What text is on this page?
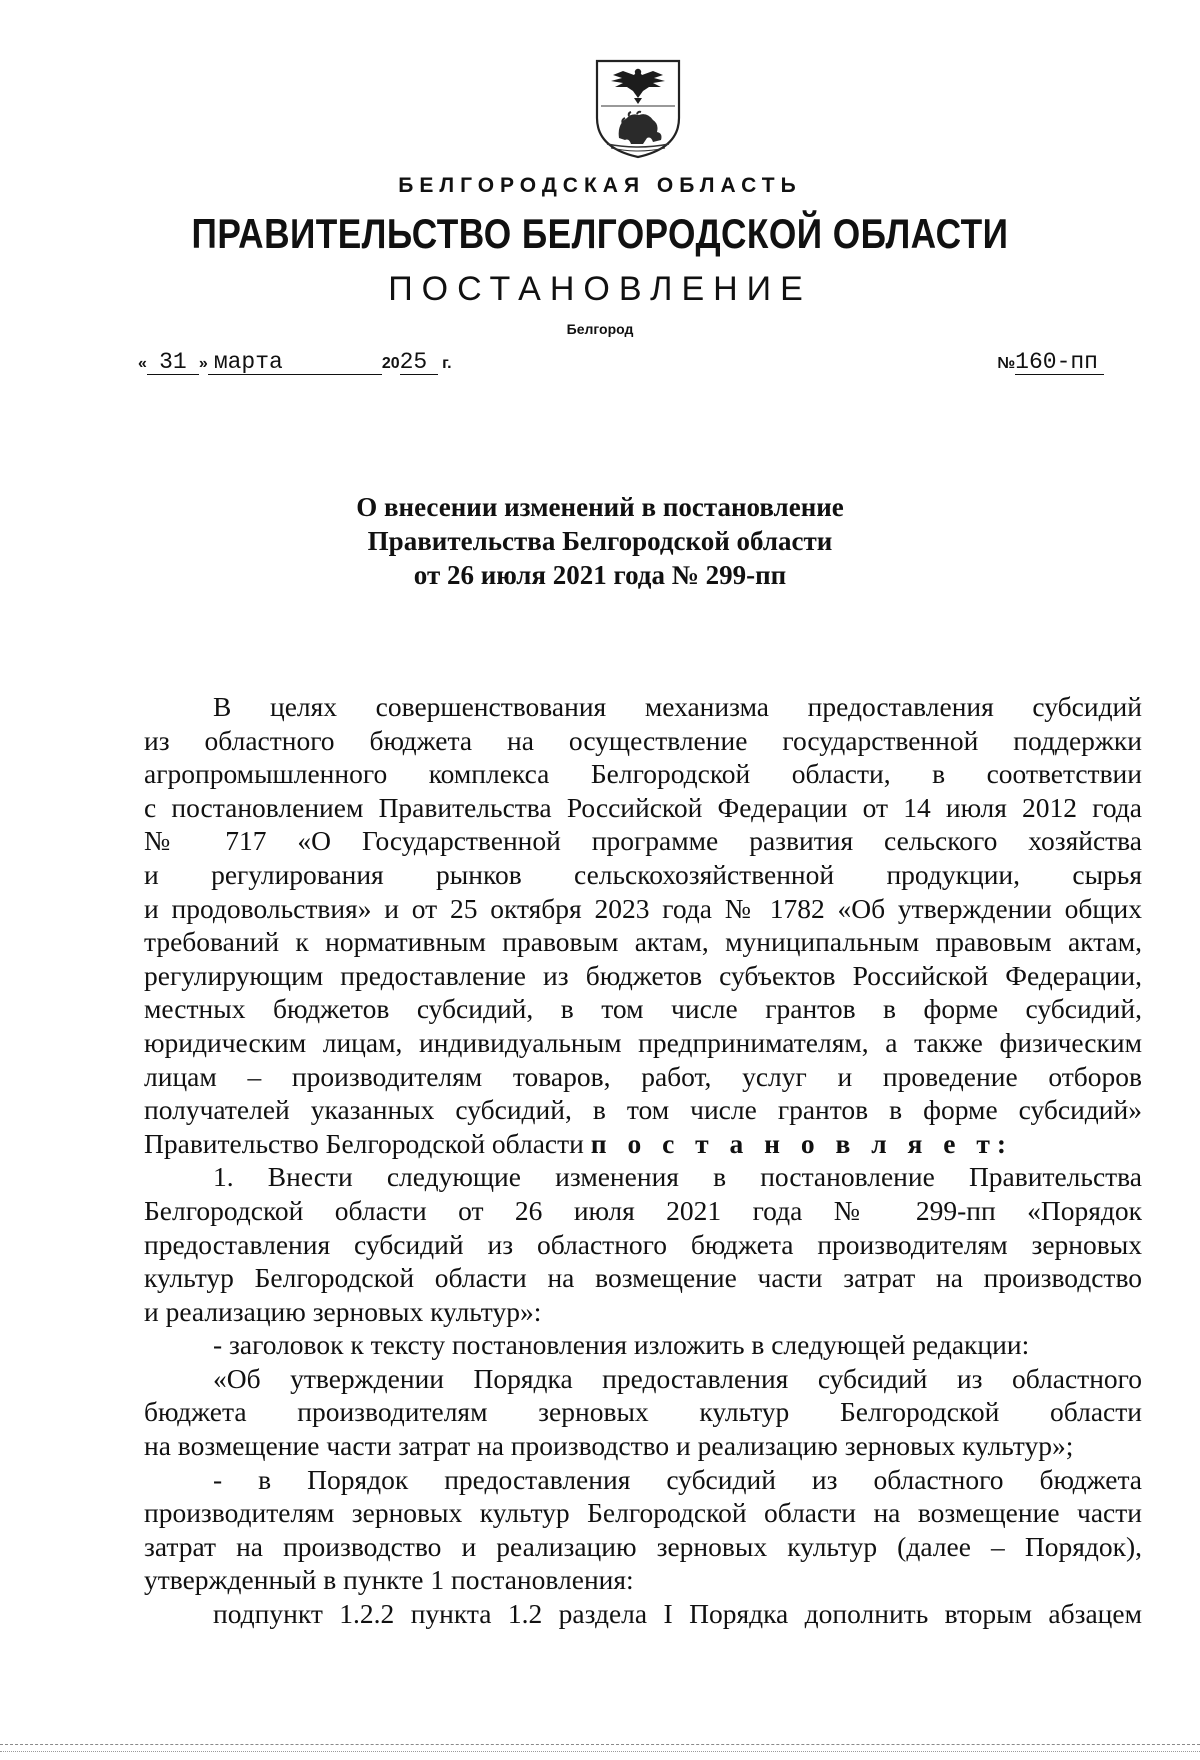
БЕЛГОРОДСКАЯ ОБЛАСТЬ
ПРАВИТЕЛЬСТВО БЕЛГОРОДСКОЙ ОБЛАСТИ
ПОСТАНОВЛЕНИЕ
Белгород
« 31 » марта	2025 г.	№160-пп
О внесении изменений в постановление
Правительства Белгородской области
от 26 июля 2021 года № 299-пп
В целях совершенствования механизма предоставления субсидий
из областного бюджета на осуществление государственной поддержки
агропромышленного комплекса Белгородской области, в соответствии
с постановлением Правительства Российской Федерации от 14 июля 2012 года
№ 717 «О Государственной программе развития сельского хозяйства
и регулирования рынков сельскохозяйственной продукции, сырья
и продовольствия» и от 25 октября 2023 года № 1782 «Об утверждении общих
требований к нормативным правовым актам, муниципальным правовым актам,
регулирующим предоставление из бюджетов субъектов Российской Федерации,
местных бюджетов субсидий, в том числе грантов в форме субсидий,
юридическим лицам, индивидуальным предпринимателям, а также физическим
лицам – производителям товаров, работ, услуг и проведение отборов
получателей указанных субсидий, в том числе грантов в форме субсидий»
Правительство Белгородской области п о с т а н о в л я е т:
1. Внести следующие изменения в постановление Правительства
Белгородской области от 26 июля 2021 года № 299-пп «Порядок
предоставления субсидий из областного бюджета производителям зерновых
культур Белгородской области на возмещение части затрат на производство
и реализацию зерновых культур»:
- заголовок к тексту постановления изложить в следующей редакции:
«Об утверждении Порядка предоставления субсидий из областного
бюджета производителям зерновых культур Белгородской области
на возмещение части затрат на производство и реализацию зерновых культур»;
- в Порядок предоставления субсидий из областного бюджета
производителям зерновых культур Белгородской области на возмещение части
затрат на производство и реализацию зерновых культур (далее – Порядок),
утвержденный в пункте 1 постановления:
подпункт 1.2.2 пункта 1.2 раздела I Порядка дополнить вторым абзацем
